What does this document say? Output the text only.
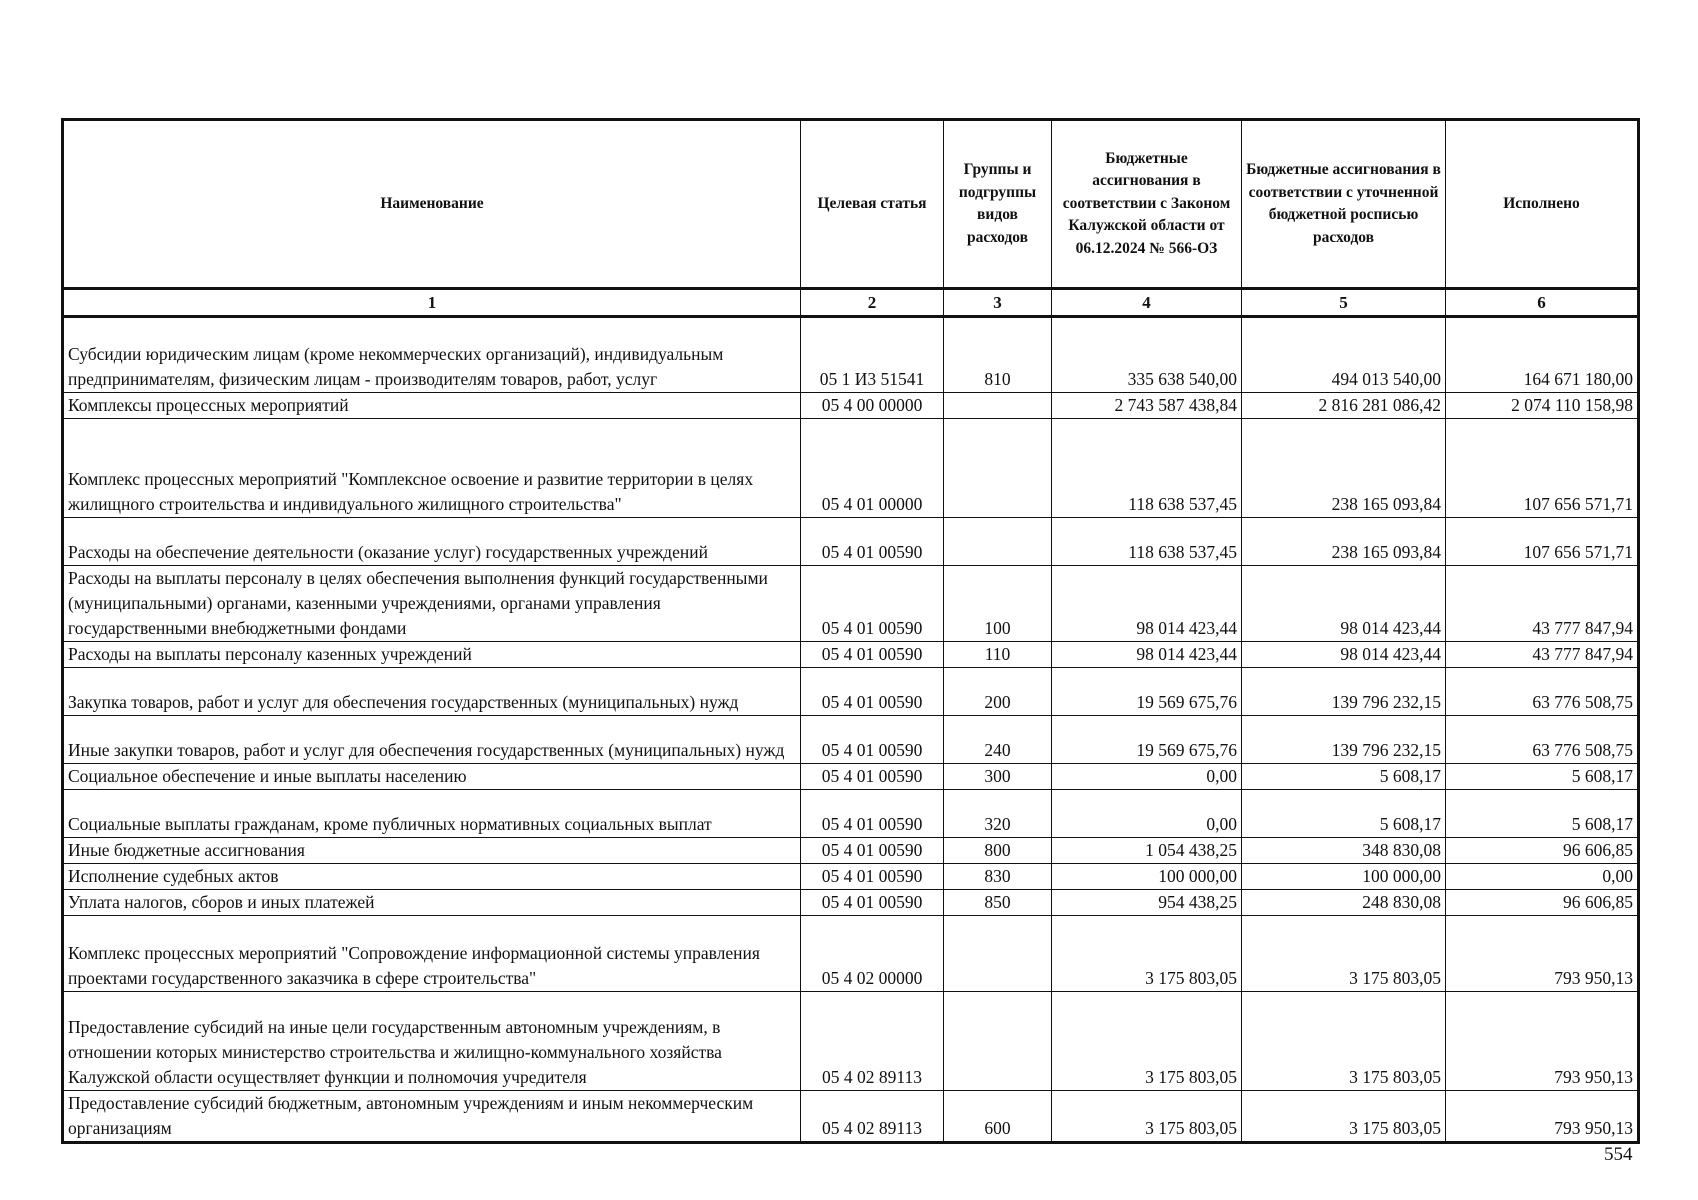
Наименование	Целевая статья	Группы и подгруппы видов расходов	Бюджетные ассигнования в соответствии с Законом Калужской области от 06.12.2024 № 566-ОЗ	Бюджетные ассигнования в соответствии с уточненной бюджетной росписью расходов	Исполнено
1	2	3	4	5	6
Субсидии юридическим лицам (кроме некоммерческих организаций), индивидуальным предпринимателям, физическим лицам - производителям товаров, работ, услуг	05 1 И3 51541	810	335 638 540,00	494 013 540,00	164 671 180,00
Комплексы процессных мероприятий	05 4 00 00000		2 743 587 438,84	2 816 281 086,42	2 074 110 158,98
Комплекс процессных мероприятий "Комплексное освоение и развитие территории в целях жилищного строительства и индивидуального жилищного строительства"	05 4 01 00000		118 638 537,45	238 165 093,84	107 656 571,71
Расходы на обеспечение деятельности (оказание услуг) государственных учреждений	05 4 01 00590		118 638 537,45	238 165 093,84	107 656 571,71
Расходы на выплаты персоналу в целях обеспечения выполнения функций государственными (муниципальными) органами, казенными учреждениями, органами управления государственными внебюджетными фондами	05 4 01 00590	100	98 014 423,44	98 014 423,44	43 777 847,94
Расходы на выплаты персоналу казенных учреждений	05 4 01 00590	110	98 014 423,44	98 014 423,44	43 777 847,94
Закупка товаров, работ и услуг для обеспечения государственных (муниципальных) нужд	05 4 01 00590	200	19 569 675,76	139 796 232,15	63 776 508,75
Иные закупки товаров, работ и услуг для обеспечения государственных (муниципальных) нужд	05 4 01 00590	240	19 569 675,76	139 796 232,15	63 776 508,75
Социальное обеспечение и иные выплаты населению	05 4 01 00590	300	0,00	5 608,17	5 608,17
Социальные выплаты гражданам, кроме публичных нормативных социальных выплат	05 4 01 00590	320	0,00	5 608,17	5 608,17
Иные бюджетные ассигнования	05 4 01 00590	800	1 054 438,25	348 830,08	96 606,85
Исполнение судебных актов	05 4 01 00590	830	100 000,00	100 000,00	0,00
Уплата налогов, сборов и иных платежей	05 4 01 00590	850	954 438,25	248 830,08	96 606,85
Комплекс процессных мероприятий "Сопровождение информационной системы управления проектами государственного заказчика в сфере строительства"	05 4 02 00000		3 175 803,05	3 175 803,05	793 950,13
Предоставление субсидий на иные цели государственным автономным учреждениям, в отношении которых министерство строительства и жилищно-коммунального хозяйства Калужской области осуществляет функции и полномочия учредителя	05 4 02 89113		3 175 803,05	3 175 803,05	793 950,13
Предоставление субсидий бюджетным, автономным учреждениям и иным некоммерческим организациям	05 4 02 89113	600	3 175 803,05	3 175 803,05	793 950,13
554
